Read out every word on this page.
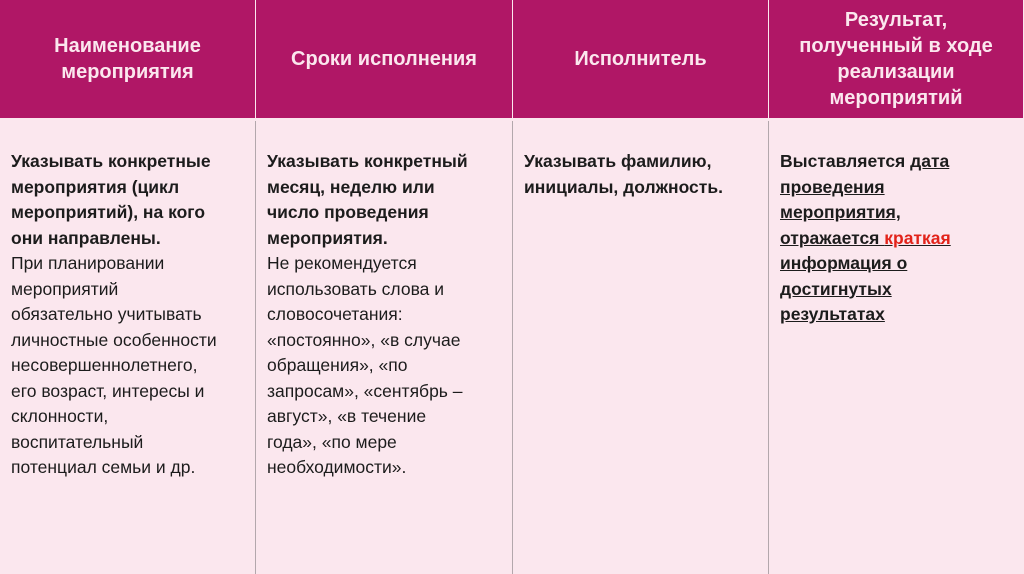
Наименование
мероприятия
Сроки исполнения	Исполнитель
Результат,
полученный в ходе
реализации
мероприятий
Указывать конкретные
мероприятия (цикл
мероприятий), на кого
они направлены.
При планировании
мероприятий
обязательно учитывать
личностные особенности
несовершеннолетнего,
его возраст, интересы и
склонности,
воспитательный
потенциал семьи и др.
Указывать конкретный
месяц, неделю или
число проведения
мероприятия.
Не рекомендуется
использовать слова и
словосочетания:
«постоянно», «в случае
обращения», «по
запросам», «сентябрь –
август», «в течение
года», «по мере
необходимости».
Указывать фамилию,
инициалы, должность.
Выставляется дата
проведения
мероприятия,
отражается краткая
информация о
достигнутых
результатах
